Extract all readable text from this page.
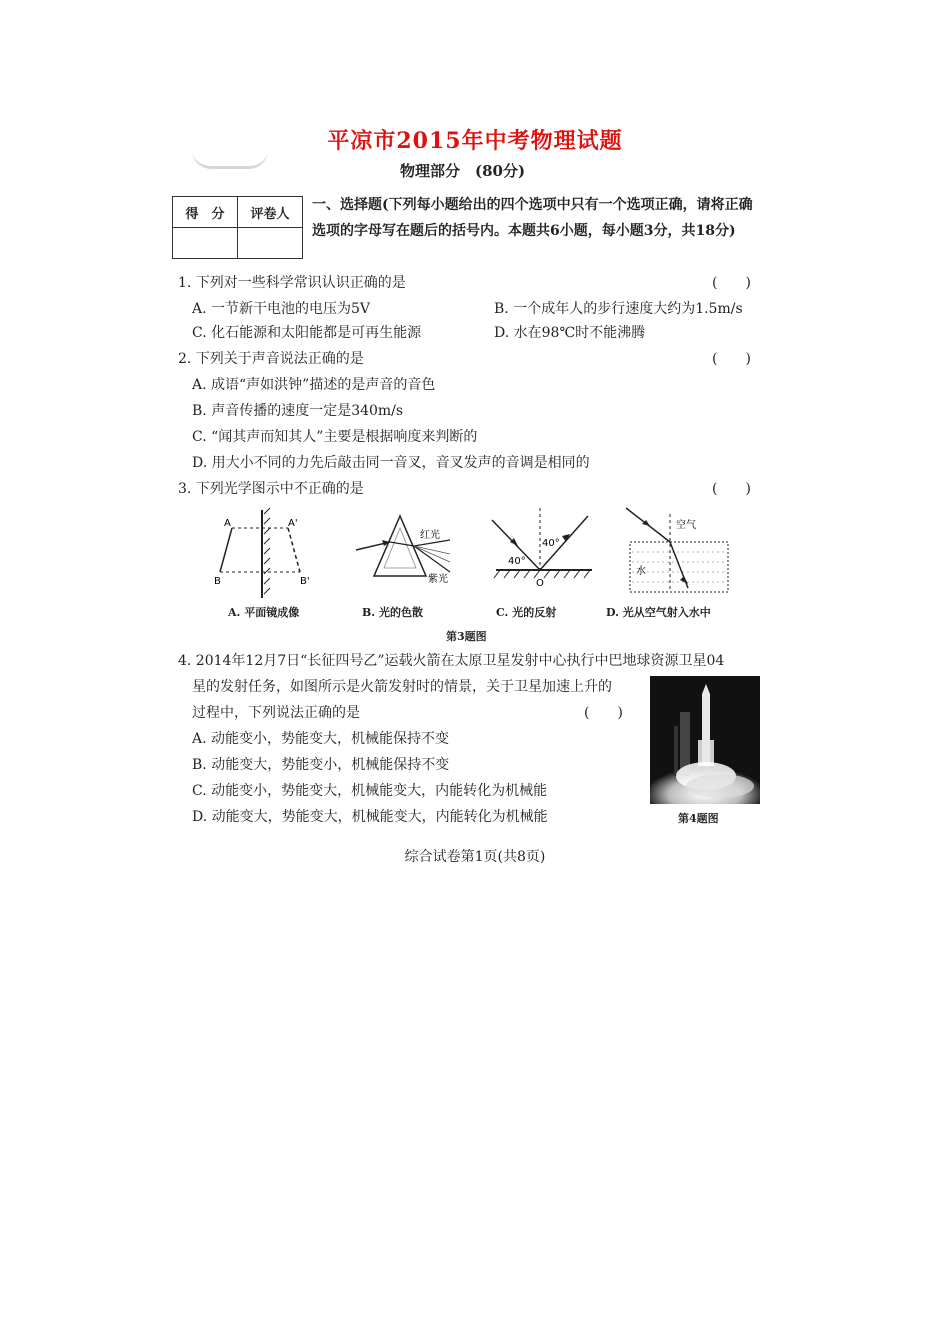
平凉市2015年中考物理试题
物理部分　(80分)
得　分	评卷人

一、选择题(下列每小题给出的四个选项中只有一个选项正确，请将正确选项的字母写在题后的括号内。本题共6小题，每小题3分，共18分)
1. 下列对一些科学常识认识正确的是	(　　)
A. 一节新干电池的电压为5V	B. 一个成年人的步行速度大约为1.5m/s
C. 化石能源和太阳能都是可再生能源	D. 水在98℃时不能沸腾
2. 下列关于声音说法正确的是	(　　)
A. 成语“声如洪钟”描述的是声音的音色
B. 声音传播的速度一定是340m/s
C. “闻其声而知其人”主要是根据响度来判断的
D. 用大小不同的力先后敲击同一音叉，音叉发声的音调是相同的
3. 下列光学图示中不正确的是	(　　)
A	A'
B	B'
红光
紫光
40°
40°
O
空气
水
A. 平面镜成像	B. 光的色散	C. 光的反射	D. 光从空气射入水中
第3题图
4. 2014年12月7日“长征四号乙”运载火箭在太原卫星发射中心执行中巴地球资源卫星04
星的发射任务，如图所示是火箭发射时的情景，关于卫星加速上升的
过程中，下列说法正确的是	(　　)
A. 动能变小，势能变大，机械能保持不变
B. 动能变大，势能变小，机械能保持不变
C. 动能变小，势能变大，机械能变大，内能转化为机械能
D. 动能变大，势能变大，机械能变大，内能转化为机械能	第4题图
综合试卷第1页(共8页)
